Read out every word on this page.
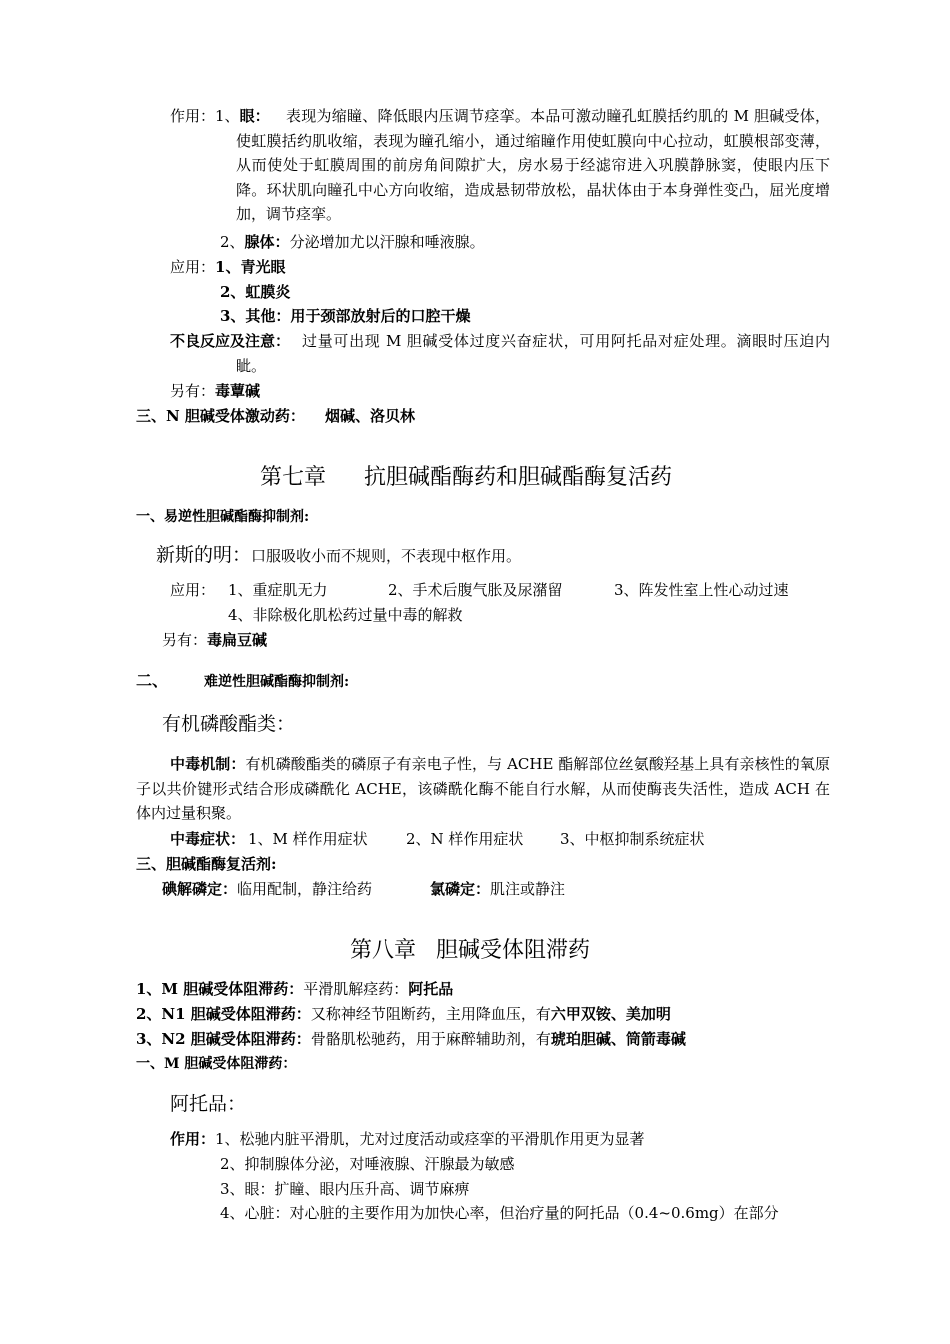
作用：1、眼：	表现为缩瞳、降低眼内压调节痉挛。本品可激动瞳孔虹膜括约肌的 M 胆碱受体，使虹膜括约肌收缩，表现为瞳孔缩小，通过缩瞳作用使虹膜向中心拉动，虹膜根部变薄，从而使处于虹膜周围的前房角间隙扩大，房水易于经滤帘进入巩膜静脉窦，使眼内压下降。环状肌向瞳孔中心方向收缩，造成悬韧带放松，晶状体由于本身弹性变凸，屈光度增加，调节痉挛。
2、腺体：分泌增加尤以汗腺和唾液腺。
应用：1、青光眼
2、虹膜炎
3、其他：用于颈部放射后的口腔干燥
不良反应及注意： 过量可出现 M 胆碱受体过度兴奋症状，可用阿托品对症处理。滴眼时压迫内眦。
另有：毒蕈碱
三、N 胆碱受体激动药： 烟碱、洛贝林
第七章 抗胆碱酯酶药和胆碱酯酶复活药
一、易逆性胆碱酯酶抑制剂:
新斯的明：口服吸收小而不规则，不表现中枢作用。
应用： 1、重症肌无力	2、手术后腹气胀及尿潴留	3、阵发性室上性心动过速
4、非除极化肌松药过量中毒的解救
另有：毒扁豆碱
二、	难逆性胆碱酯酶抑制剂:
有机磷酸酯类：
中毒机制：有机磷酸酯类的磷原子有亲电子性，与 ACHE 酯解部位丝氨酸羟基上具有亲核性的氧原子以共价键形式结合形成磷酰化 ACHE，该磷酰化酶不能自行水解，从而使酶丧失活性，造成 ACH 在体内过量积聚。
中毒症状： 1、M 样作用症状	2、N 样作用症状 3、中枢抑制系统症状
三、胆碱酯酶复活剂:
碘解磷定：临用配制，静注给药	氯磷定：肌注或静注
第八章 胆碱受体阻滞药
1、M 胆碱受体阻滞药：平滑肌解痉药：阿托品
2、N1 胆碱受体阻滞药：又称神经节阻断药，主用降血压，有六甲双铵、美加明
3、N2 胆碱受体阻滞药：骨骼肌松驰药，用于麻醉辅助剂，有琥珀胆碱、筒箭毒碱
一、M 胆碱受体阻滞药：
阿托品：
作用：1、松驰内脏平滑肌，尤对过度活动或痉挛的平滑肌作用更为显著
2、抑制腺体分泌，对唾液腺、汗腺最为敏感
3、眼：扩瞳、眼内压升高、调节麻痹
4、心脏：对心脏的主要作用为加快心率，但治疗量的阿托品（0.4~0.6mg）在部分
